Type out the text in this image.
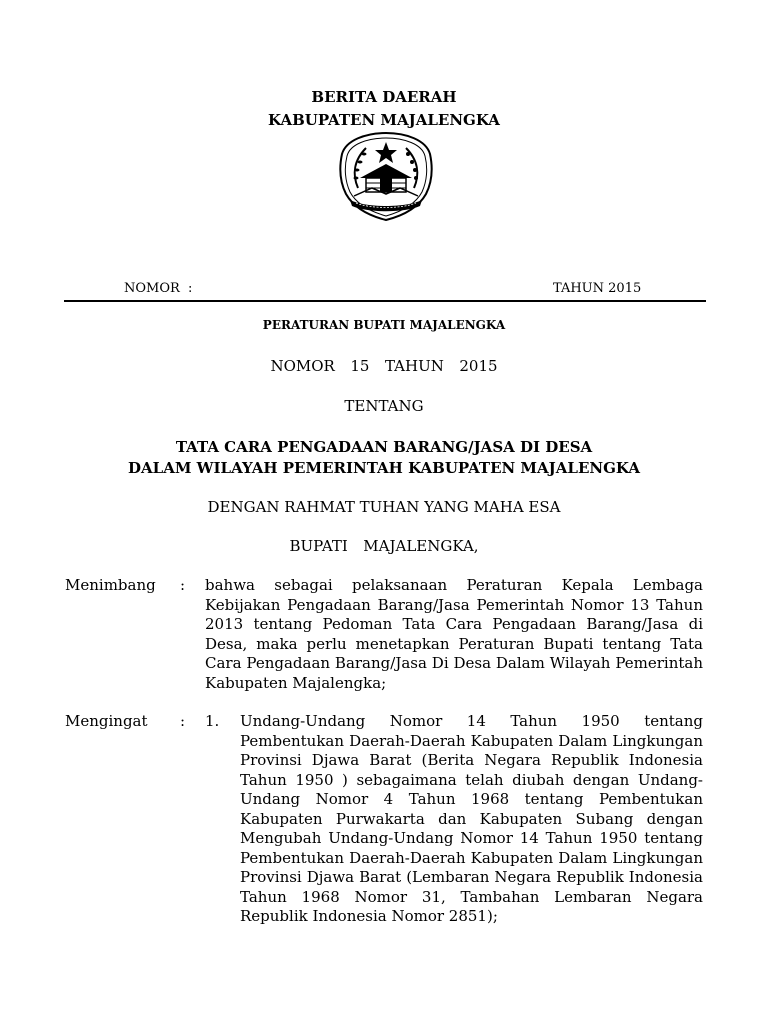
BERITA DAERAH
KABUPATEN MAJALENGKA
NOMOR  :	TAHUN 2015
PERATURAN BUPATI MAJALENGKA
NOMOR  15  TAHUN  2015
TENTANG
TATA CARA PENGADAAN BARANG/JASA DI DESA
DALAM WILAYAH PEMERINTAH KABUPATEN MAJALENGKA
DENGAN RAHMAT TUHAN YANG MAHA ESA
BUPATI  MAJALENGKA,
Menimbang : bahwa sebagai pelaksanaan Peraturan Kepala Lembaga Kebijakan Pengadaan Barang/Jasa Pemerintah Nomor 13 Tahun 2013 tentang Pedoman Tata Cara Pengadaan Barang/Jasa di Desa, maka perlu menetapkan Peraturan Bupati tentang Tata Cara Pengadaan Barang/Jasa Di Desa Dalam Wilayah Pemerintah Kabupaten Majalengka;
Mengingat : 1. Undang-Undang Nomor 14 Tahun 1950 tentang Pembentukan Daerah-Daerah Kabupaten Dalam Lingkungan Provinsi Djawa Barat (Berita Negara Republik Indonesia Tahun 1950 ) sebagaimana telah diubah dengan Undang-Undang Nomor 4 Tahun 1968 tentang Pembentukan Kabupaten Purwakarta dan Kabupaten Subang dengan Mengubah Undang-Undang Nomor 14 Tahun 1950 tentang Pembentukan Daerah-Daerah Kabupaten Dalam Lingkungan Provinsi Djawa Barat (Lembaran Negara Republik Indonesia Tahun 1968 Nomor 31, Tambahan Lembaran Negara Republik Indonesia Nomor 2851);
